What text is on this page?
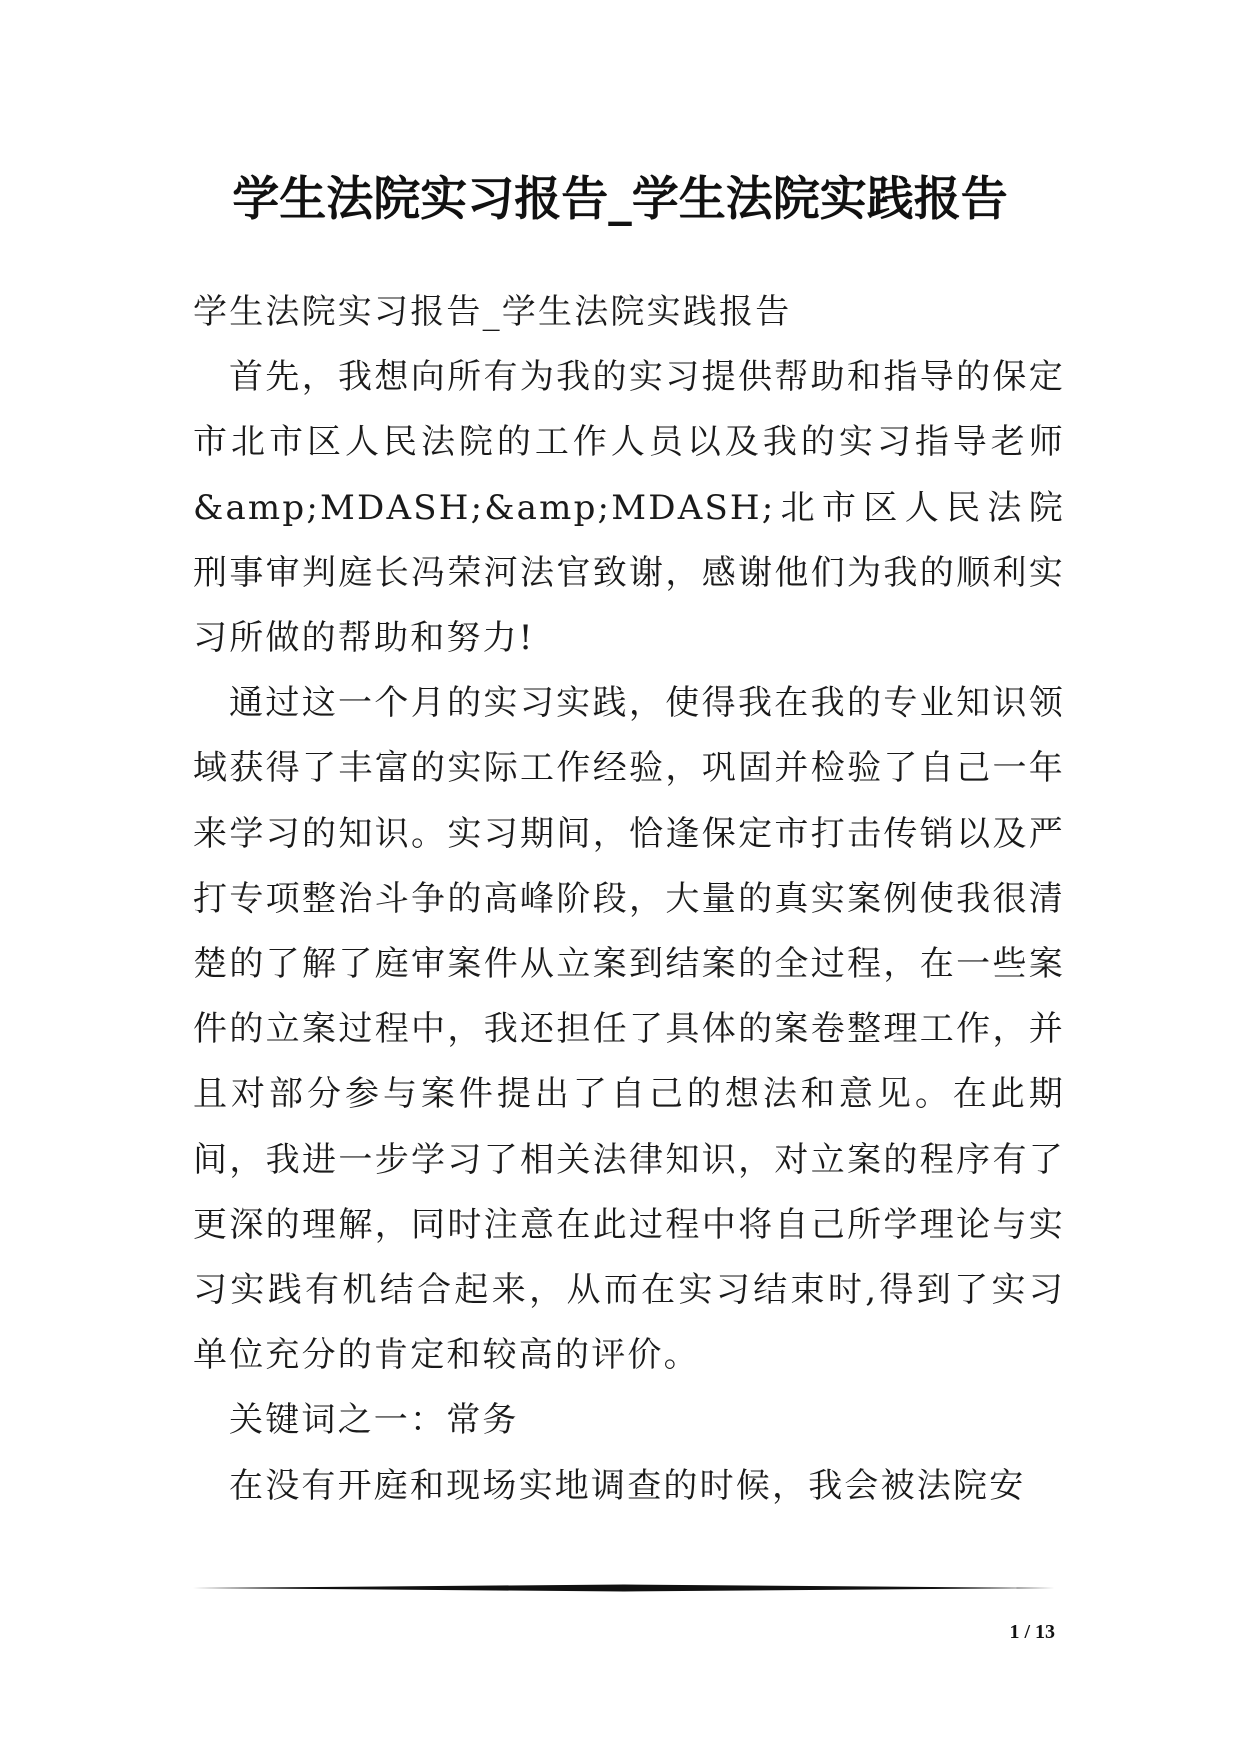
学生法院实习报告_学生法院实践报告

学生法院实习报告_学生法院实践报告

首先，我想向所有为我的实习提供帮助和指导的保定市北市区人民法院的工作人员以及我的实习指导老师&amp;MDASH;&amp;MDASH;北市区人民法院刑事审判庭长冯荣河法官致谢，感谢他们为我的顺利实习所做的帮助和努力!

通过这一个月的实习实践，使得我在我的专业知识领域获得了丰富的实际工作经验，巩固并检验了自己一年来学习的知识。实习期间，恰逢保定市打击传销以及严打专项整治斗争的高峰阶段，大量的真实案例使我很清楚的了解了庭审案件从立案到结案的全过程，在一些案件的立案过程中，我还担任了具体的案卷整理工作，并且对部分参与案件提出了自己的想法和意见。在此期间，我进一步学习了相关法律知识，对立案的程序有了更深的理解，同时注意在此过程中将自己所学理论与实习实践有机结合起来，从而在实习结束时,得到了实习单位充分的肯定和较高的评价。

关键词之一：常务

在没有开庭和现场实地调查的时候，我会被法院安

1 / 13
